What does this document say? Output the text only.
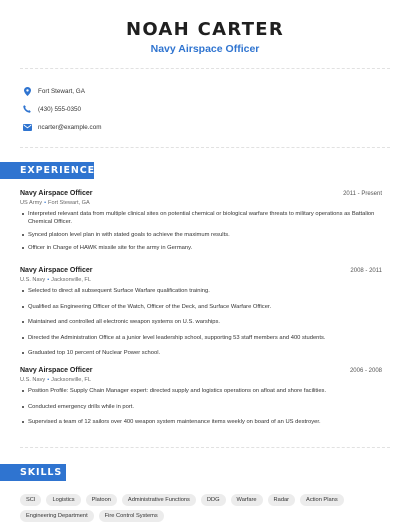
NOAH CARTER
Navy Airspace Officer
Fort Stewart, GA
(430) 555-0350
ncarter@example.com
EXPERIENCE
Navy Airspace Officer	2011 - Present
US Army • Fort Stewart, GA
Interpreted relevant data from multiple clinical sites on potential chemical or biological warfare threats to military operations as Battalion Chemical Officer.
Synced platoon level plan in with stated goals to achieve the maximum results.
Officer in Charge of HAWK missile site for the army in Germany.
Navy Airspace Officer	2008 - 2011
U.S. Navy • Jacksonville, FL
Selected to direct all subsequent Surface Warfare qualification training.
Qualified as Engineering Officer of the Watch, Officer of the Deck, and Surface Warfare Officer.
Maintained and controlled all electronic weapon systems on U.S. warships.
Directed the Administration Office at a junior level leadership school, supporting 53 staff members and 400 students.
Graduated top 10 percent of Nuclear Power school.
Navy Airspace Officer	2006 - 2008
U.S. Navy • Jacksonville, FL
Position Profile: Supply Chain Manager expert: directed supply and logistics operations on afloat and shore facilities.
Conducted emergency drills while in port.
Supervised a team of 12 sailors over 400 weapon system maintenance items weekly on board of an US destroyer.
SKILLS
SCI	Logistics	Platoon	Administrative Functions	DDG	Warfare	Radar	Action Plans
Engineering Department	Fire Control Systems
